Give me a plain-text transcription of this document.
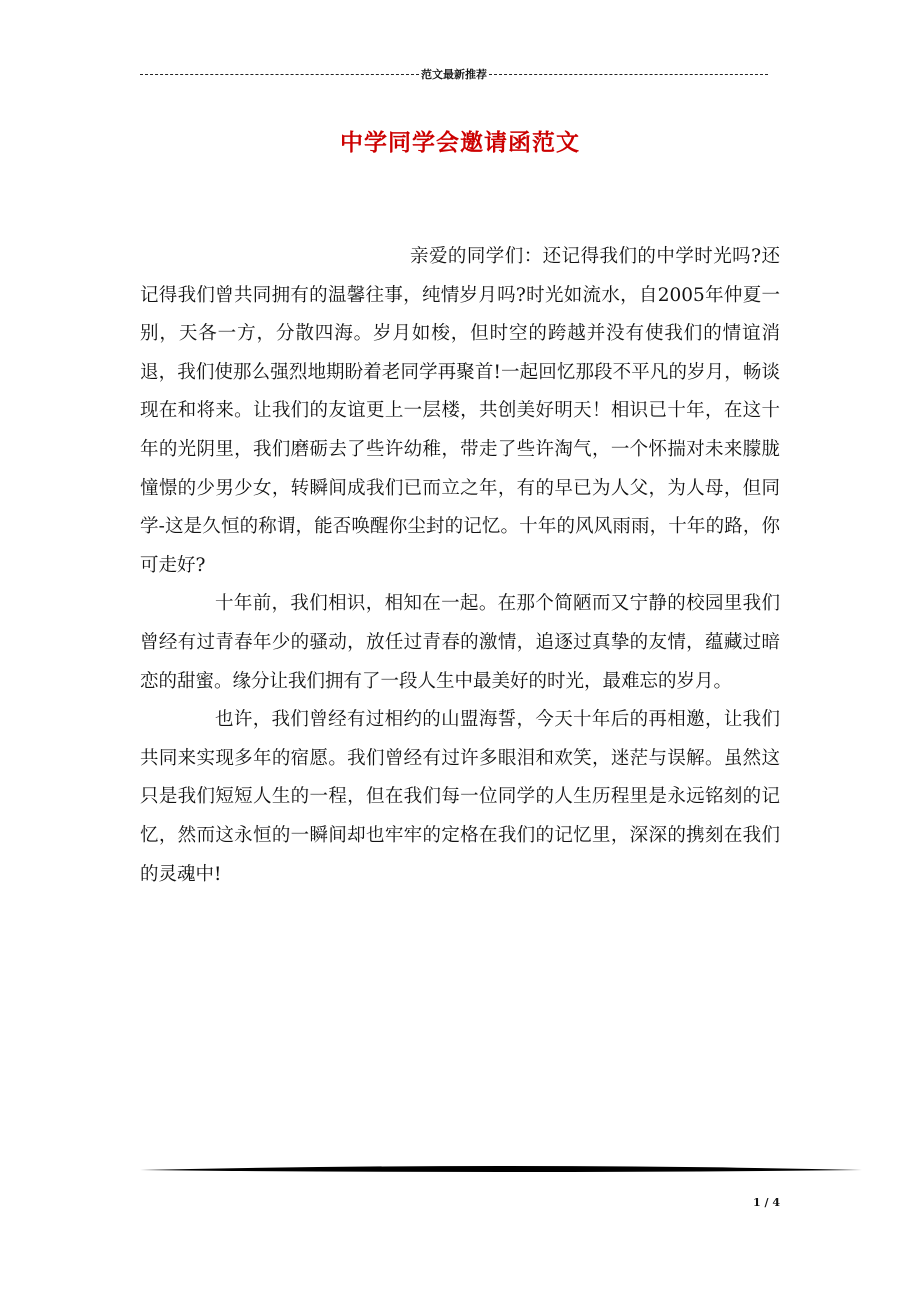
范文最新推荐
中学同学会邀请函范文

亲爱的同学们：还记得我们的中学时光吗?还记得我们曾共同拥有的温馨往事，纯情岁月吗?时光如流水，自2005年仲夏一别，天各一方，分散四海。岁月如梭，但时空的跨越并没有使我们的情谊消退，我们使那么强烈地期盼着老同学再聚首!一起回忆那段不平凡的岁月，畅谈现在和将来。让我们的友谊更上一层楼，共创美好明天！相识已十年，在这十年的光阴里，我们磨砺去了些许幼稚，带走了些许淘气，一个怀揣对未来朦胧憧憬的少男少女，转瞬间成我们已而立之年，有的早已为人父，为人母，但同学-这是久恒的称谓，能否唤醒你尘封的记忆。十年的风风雨雨，十年的路，你可走好?

十年前，我们相识，相知在一起。在那个简陋而又宁静的校园里我们曾经有过青春年少的骚动，放任过青春的激情，追逐过真挚的友情，蕴藏过暗恋的甜蜜。缘分让我们拥有了一段人生中最美好的时光，最难忘的岁月。

也许，我们曾经有过相约的山盟海誓，今天十年后的再相邀，让我们共同来实现多年的宿愿。我们曾经有过许多眼泪和欢笑，迷茫与误解。虽然这只是我们短短人生的一程，但在我们每一位同学的人生历程里是永远铭刻的记忆，然而这永恒的一瞬间却也牢牢的定格在我们的记忆里，深深的携刻在我们的灵魂中!

1 / 4
